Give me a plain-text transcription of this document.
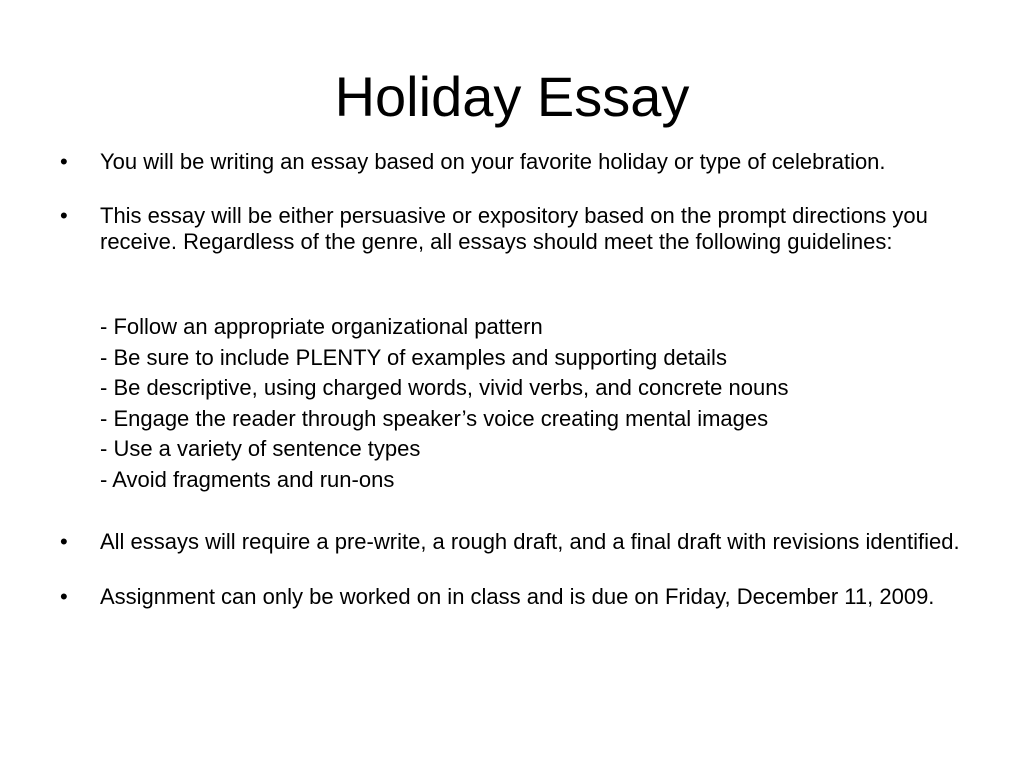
Holiday Essay
•	You will be writing an essay based on your favorite holiday or type of celebration.
•	This essay will be either persuasive or expository based on the prompt directions you receive. Regardless of the genre, all essays should meet the following guidelines:
- Follow an appropriate organizational pattern
- Be sure to include PLENTY of examples and supporting details
- Be descriptive, using charged words, vivid verbs, and concrete nouns
- Engage the reader through speaker’s voice creating mental images
- Use a variety of sentence types
- Avoid fragments and run-ons
•	All essays will require a pre-write, a rough draft, and a final draft with revisions identified.
•	Assignment can only be worked on in class and is due on Friday, December 11, 2009.
